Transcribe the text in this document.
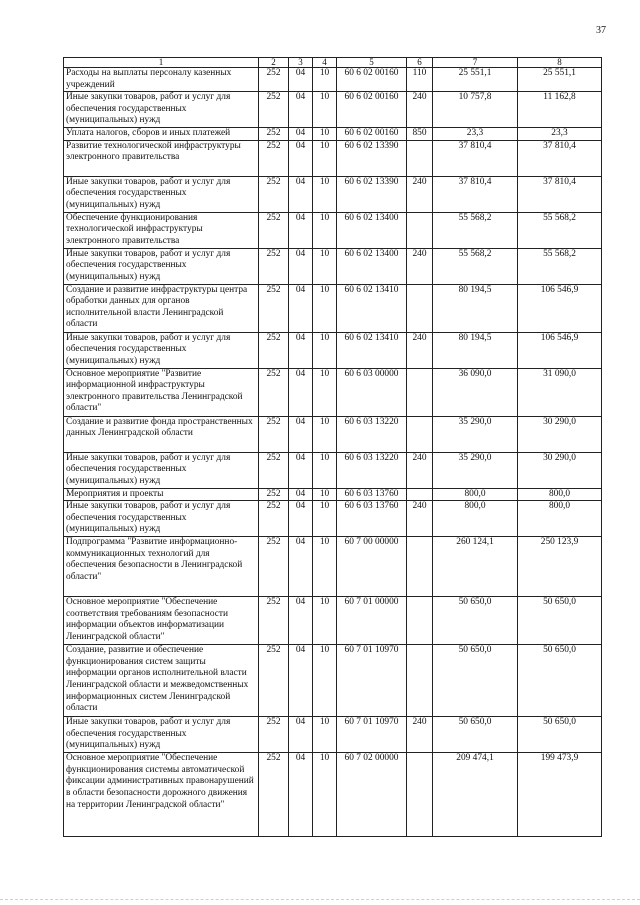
37
1	2	3	4	5	6	7	8
Расходы на выплаты персоналу казенных учреждений	252	04	10	60 6 02 00160	110	25 551,1	25 551,1
Иные закупки товаров, работ и услуг для обеспечения государственных (муниципальных) нужд	252	04	10	60 6 02 00160	240	10 757,8	11 162,8
Уплата налогов, сборов и иных платежей	252	04	10	60 6 02 00160	850	23,3	23,3
Развитие технологической инфраструктуры электронного правительства	252	04	10	60 6 02 13390		37 810,4	37 810,4
Иные закупки товаров, работ и услуг для обеспечения государственных (муниципальных) нужд	252	04	10	60 6 02 13390	240	37 810,4	37 810,4
Обеспечение функционирования технологической инфраструктуры электронного правительства	252	04	10	60 6 02 13400		55 568,2	55 568,2
Иные закупки товаров, работ и услуг для обеспечения государственных (муниципальных) нужд	252	04	10	60 6 02 13400	240	55 568,2	55 568,2
Создание и развитие инфраструктуры центра обработки данных для органов исполнительной власти Ленинградской области	252	04	10	60 6 02 13410		80 194,5	106 546,9
Иные закупки товаров, работ и услуг для обеспечения государственных (муниципальных) нужд	252	04	10	60 6 02 13410	240	80 194,5	106 546,9
Основное мероприятие "Развитие информационной инфраструктуры электронного правительства Ленинградской области"	252	04	10	60 6 03 00000		36 090,0	31 090,0
Создание и развитие фонда пространственных данных Ленинградской области	252	04	10	60 6 03 13220		35 290,0	30 290,0
Иные закупки товаров, работ и услуг для обеспечения государственных (муниципальных) нужд	252	04	10	60 6 03 13220	240	35 290,0	30 290,0
Мероприятия и проекты	252	04	10	60 6 03 13760		800,0	800,0
Иные закупки товаров, работ и услуг для обеспечения государственных (муниципальных) нужд	252	04	10	60 6 03 13760	240	800,0	800,0
Подпрограмма "Развитие информационно-коммуникационных технологий для обеспечения безопасности в Ленинградской области"	252	04	10	60 7 00 00000		260 124,1	250 123,9
Основное мероприятие "Обеспечение соответствия требованиям безопасности информации объектов информатизации Ленинградской области"	252	04	10	60 7 01 00000		50 650,0	50 650,0
Создание, развитие и обеспечение функционирования систем защиты информации органов исполнительной власти Ленинградской области и межведомственных информационных систем Ленинградской области	252	04	10	60 7 01 10970		50 650,0	50 650,0
Иные закупки товаров, работ и услуг для обеспечения государственных (муниципальных) нужд	252	04	10	60 7 01 10970	240	50 650,0	50 650,0
Основное мероприятие "Обеспечение функционирования системы автоматической фиксации административных правонарушений в области безопасности дорожного движения на территории Ленинградской области"	252	04	10	60 7 02 00000		209 474,1	199 473,9
